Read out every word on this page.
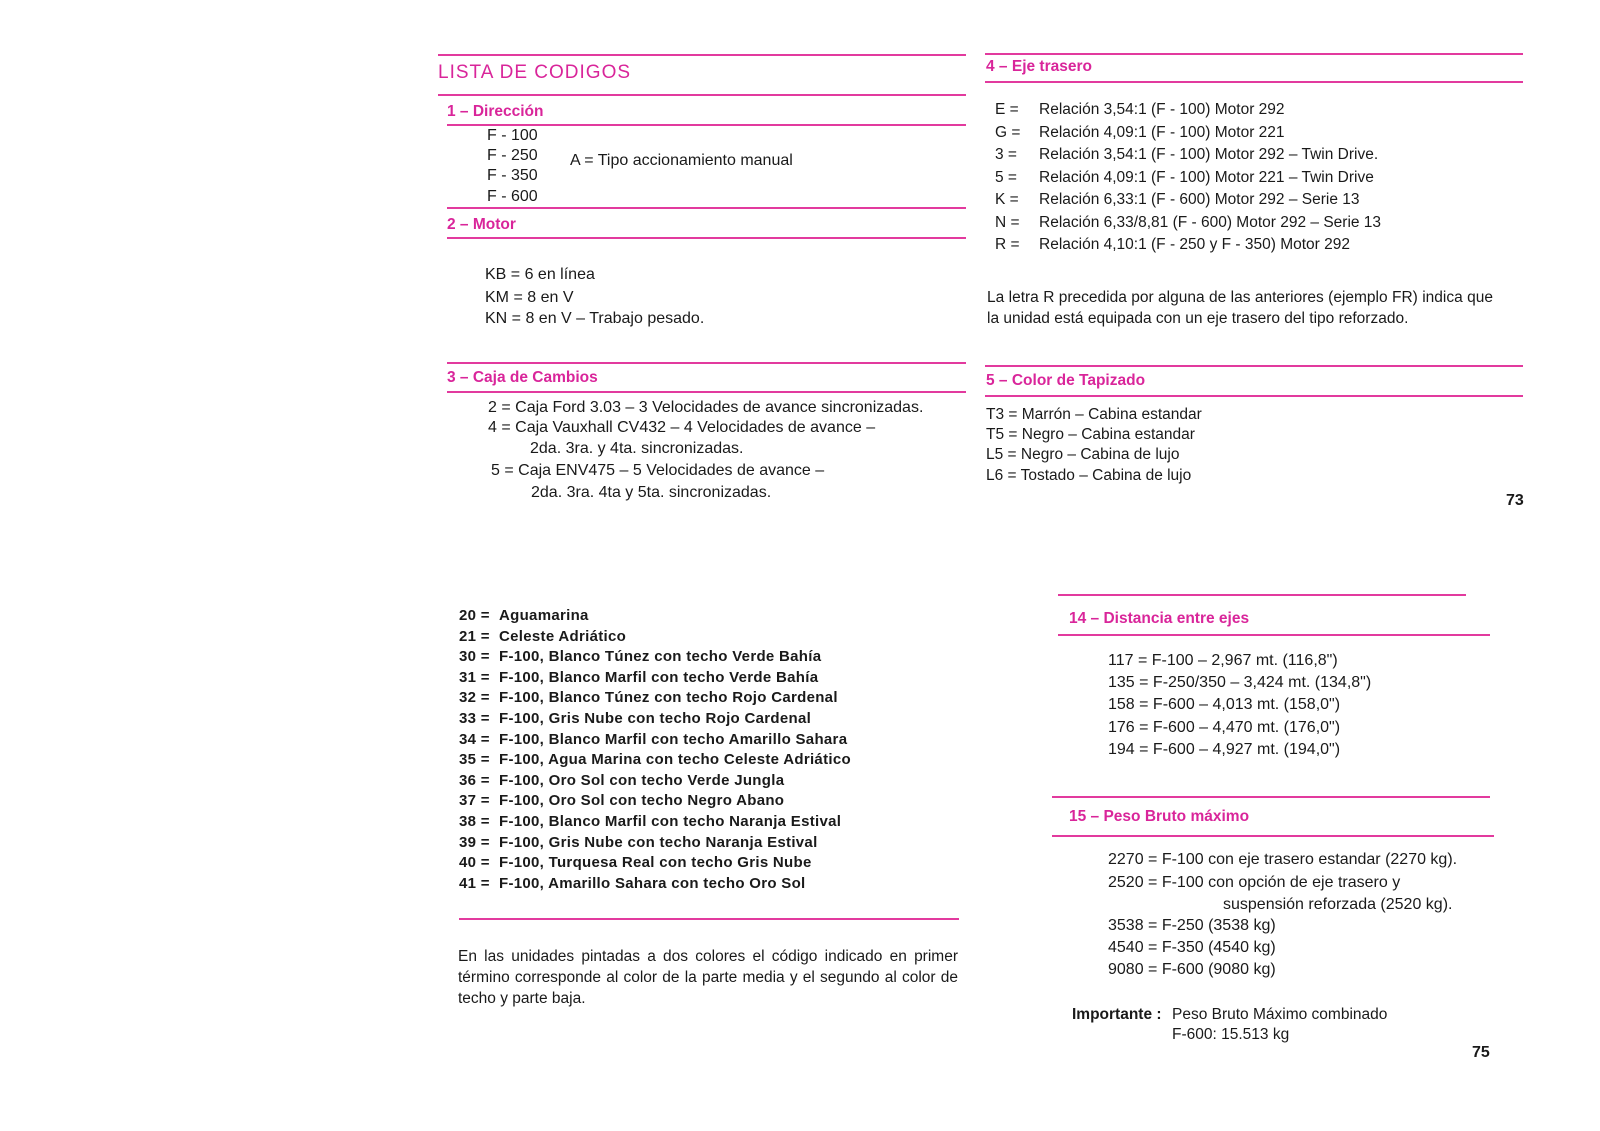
LISTA DE CODIGOS
1 – Dirección
F - 100
F - 250
F - 350
F - 600
A = Tipo accionamiento manual
2 – Motor
KB = 6 en línea
KM = 8 en V
KN = 8 en V – Trabajo pesado.
3 – Caja de Cambios
2 = Caja Ford 3.03 – 3 Velocidades de avance sincronizadas.
4 = Caja Vauxhall CV432 – 4 Velocidades de avance –
2da. 3ra. y 4ta. sincronizadas.
5 = Caja ENV475 – 5 Velocidades de avance –
2da. 3ra. 4ta y 5ta. sincronizadas.
4 – Eje trasero
E = Relación 3,54:1 (F - 100) Motor 292
G = Relación 4,09:1 (F - 100) Motor 221
3 = Relación 3,54:1 (F - 100) Motor 292 – Twin Drive.
5 = Relación 4,09:1 (F - 100) Motor 221 – Twin Drive
K = Relación 6,33:1 (F - 600) Motor 292 – Serie 13
N = Relación 6,33/8,81 (F - 600) Motor 292 – Serie 13
R = Relación 4,10:1 (F - 250 y F - 350) Motor 292
La letra R precedida por alguna de las anteriores (ejemplo FR) indica que la unidad está equipada con un eje trasero del tipo reforzado.
5 – Color de Tapizado
T3 = Marrón – Cabina estandar
T5 = Negro – Cabina estandar
L5 = Negro – Cabina de lujo
L6 = Tostado – Cabina de lujo
73
20 = Aguamarina
21 = Celeste Adriático
30 = F-100, Blanco Túnez con techo Verde Bahía
31 = F-100, Blanco Marfil con techo Verde Bahía
32 = F-100, Blanco Túnez con techo Rojo Cardenal
33 = F-100, Gris Nube con techo Rojo Cardenal
34 = F-100, Blanco Marfil con techo Amarillo Sahara
35 = F-100, Agua Marina con techo Celeste Adriático
36 = F-100, Oro Sol con techo Verde Jungla
37 = F-100, Oro Sol con techo Negro Abano
38 = F-100, Blanco Marfil con techo Naranja Estival
39 = F-100, Gris Nube con techo Naranja Estival
40 = F-100, Turquesa Real con techo Gris Nube
41 = F-100, Amarillo Sahara con techo Oro Sol
En las unidades pintadas a dos colores el código indicado en primer término corresponde al color de la parte media y el segundo al color de techo y parte baja.
14 – Distancia entre ejes
117 = F-100 – 2,967 mt. (116,8")
135 = F-250/350 – 3,424 mt. (134,8")
158 = F-600 – 4,013 mt. (158,0")
176 = F-600 – 4,470 mt. (176,0")
194 = F-600 – 4,927 mt. (194,0")
15 – Peso Bruto máximo
2270 = F-100 con eje trasero estandar (2270 kg).
2520 = F-100 con opción de eje trasero y
suspensión reforzada (2520 kg).
3538 = F-250 (3538 kg)
4540 = F-350 (4540 kg)
9080 = F-600 (9080 kg)
Importante : Peso Bruto Máximo combinado
F-600: 15.513 kg
75
